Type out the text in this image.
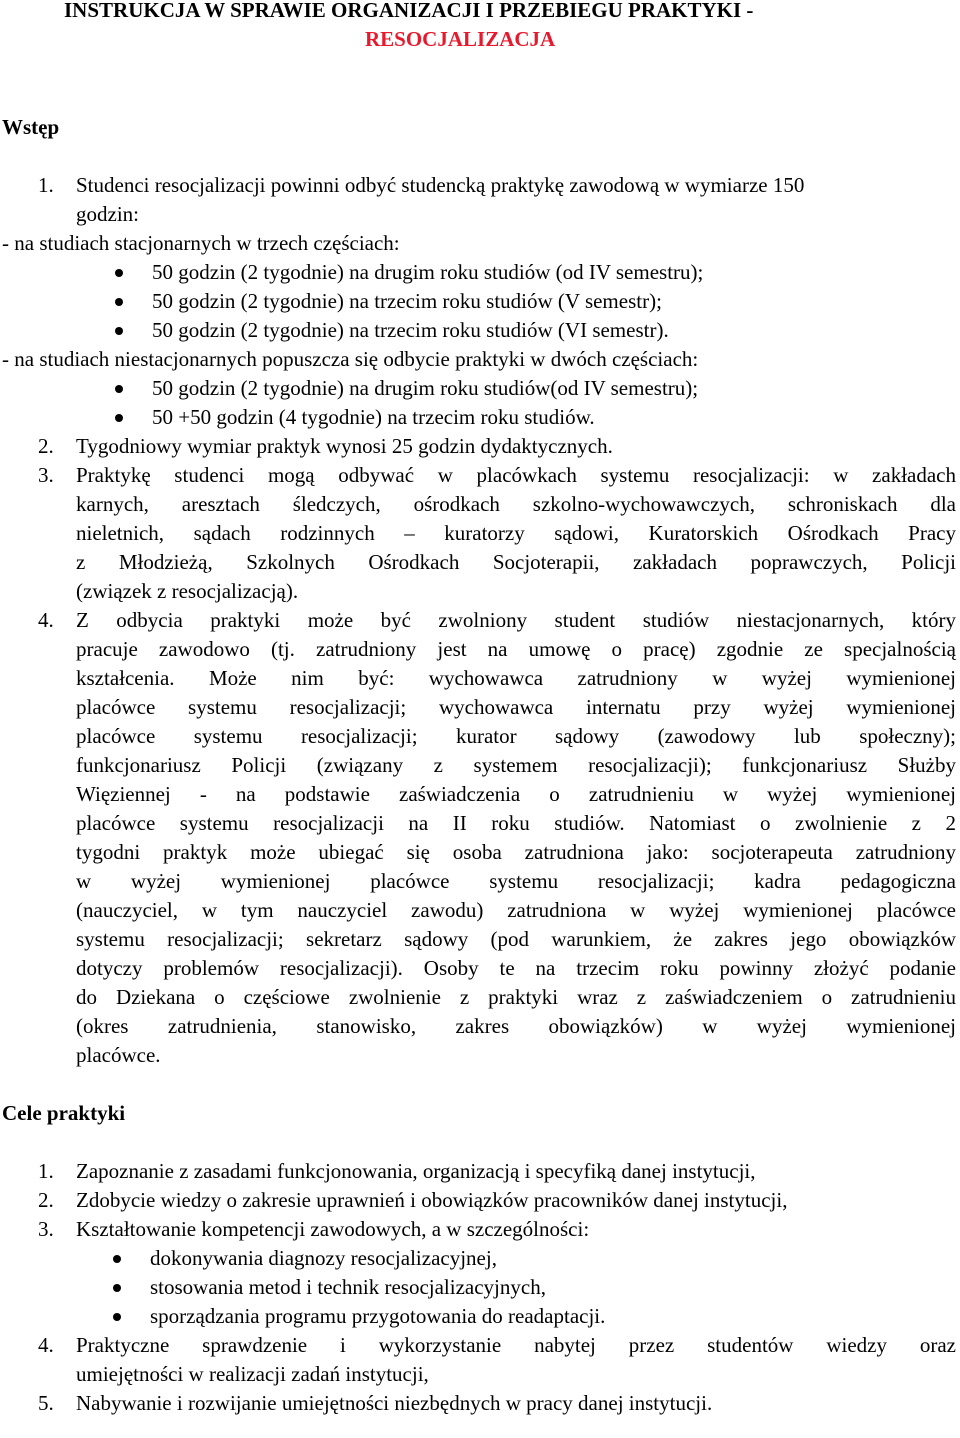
INSTRUKCJA W SPRAWIE ORGANIZACJI I PRZEBIEGU PRAKTYKI -
RESOCJALIZACJA
Wstęp
1. Studenci resocjalizacji powinni odbyć studencką praktykę zawodową w wymiarze 150
godzin:
- na studiach stacjonarnych w trzech częściach:
50 godzin (2 tygodnie) na drugim roku studiów (od IV semestru);
50 godzin (2 tygodnie) na trzecim roku studiów (V semestr);
50 godzin (2 tygodnie) na trzecim roku studiów (VI semestr).
- na studiach niestacjonarnych popuszcza się odbycie praktyki w dwóch częściach:
50 godzin (2 tygodnie) na drugim roku studiów(od IV semestru);
50 +50 godzin (4 tygodnie) na trzecim roku studiów.
2. Tygodniowy wymiar praktyk wynosi 25 godzin dydaktycznych.
3. Praktykę studenci mogą odbywać w placówkach systemu resocjalizacji: w zakładach
karnych, aresztach śledczych, ośrodkach szkolno-wychowawczych, schroniskach dla
nieletnich, sądach rodzinnych – kuratorzy sądowi, Kuratorskich Ośrodkach Pracy
z Młodzieżą, Szkolnych Ośrodkach Socjoterapii, zakładach poprawczych, Policji
(związek z resocjalizacją).
4. Z odbycia praktyki może być zwolniony student studiów niestacjonarnych, który
pracuje zawodowo (tj. zatrudniony jest na umowę o pracę) zgodnie ze specjalnością
kształcenia. Może nim być: wychowawca zatrudniony w wyżej wymienionej
placówce systemu resocjalizacji; wychowawca internatu przy wyżej wymienionej
placówce systemu resocjalizacji; kurator sądowy (zawodowy lub społeczny);
funkcjonariusz Policji (związany z systemem resocjalizacji); funkcjonariusz Służby
Więziennej - na podstawie zaświadczenia o zatrudnieniu w wyżej wymienionej
placówce systemu resocjalizacji na II roku studiów. Natomiast o zwolnienie z 2
tygodni praktyk może ubiegać się osoba zatrudniona jako: socjoterapeuta zatrudniony
w wyżej wymienionej placówce systemu resocjalizacji; kadra pedagogiczna
(nauczyciel, w tym nauczyciel zawodu) zatrudniona w wyżej wymienionej placówce
systemu resocjalizacji; sekretarz sądowy (pod warunkiem, że zakres jego obowiązków
dotyczy problemów resocjalizacji). Osoby te na trzecim roku powinny złożyć podanie
do Dziekana o częściowe zwolnienie z praktyki wraz z zaświadczeniem o zatrudnieniu
(okres zatrudnienia, stanowisko, zakres obowiązków) w wyżej wymienionej
placówce.
Cele praktyki
1. Zapoznanie z zasadami funkcjonowania, organizacją i specyfiką danej instytucji,
2. Zdobycie wiedzy o zakresie uprawnień i obowiązków pracowników danej instytucji,
3. Kształtowanie kompetencji zawodowych, a w szczególności:
dokonywania diagnozy resocjalizacyjnej,
stosowania metod i technik resocjalizacyjnych,
sporządzania programu przygotowania do readaptacji.
4. Praktyczne sprawdzenie i wykorzystanie nabytej przez studentów wiedzy oraz
umiejętności w realizacji zadań instytucji,
5. Nabywanie i rozwijanie umiejętności niezbędnych w pracy danej instytucji.
